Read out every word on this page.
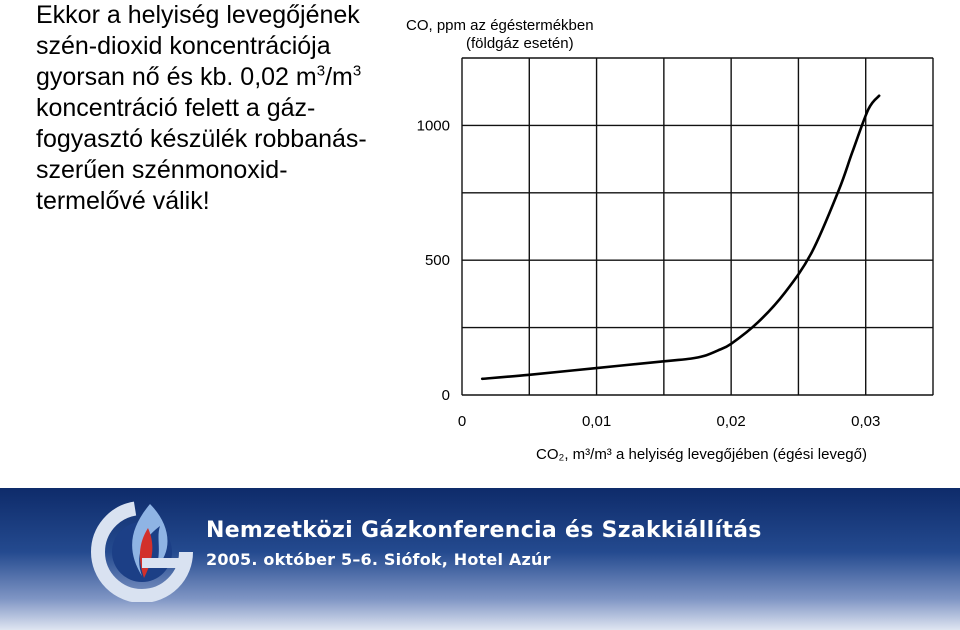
Ekkor a helyiség levegőjének
szén-dioxid koncentrációja
gyorsan nő és kb. 0,02 $m^3/m^3$
koncentráció felett a gáz-
fogyasztó készülék robbanás-
szerűen szénmonoxid-
termelővé válik!
CO, ppm az égéstermékben
(földgáz esetén)
CO₂, m³/m³ a helyiség levegőjében (égési levegő)
0	0,01	0,02	0,03
0
500
1000
Nemzetközi Gázkonferencia és Szakkiállítás
2005. október 5–6. Siófok, Hotel Azúr
